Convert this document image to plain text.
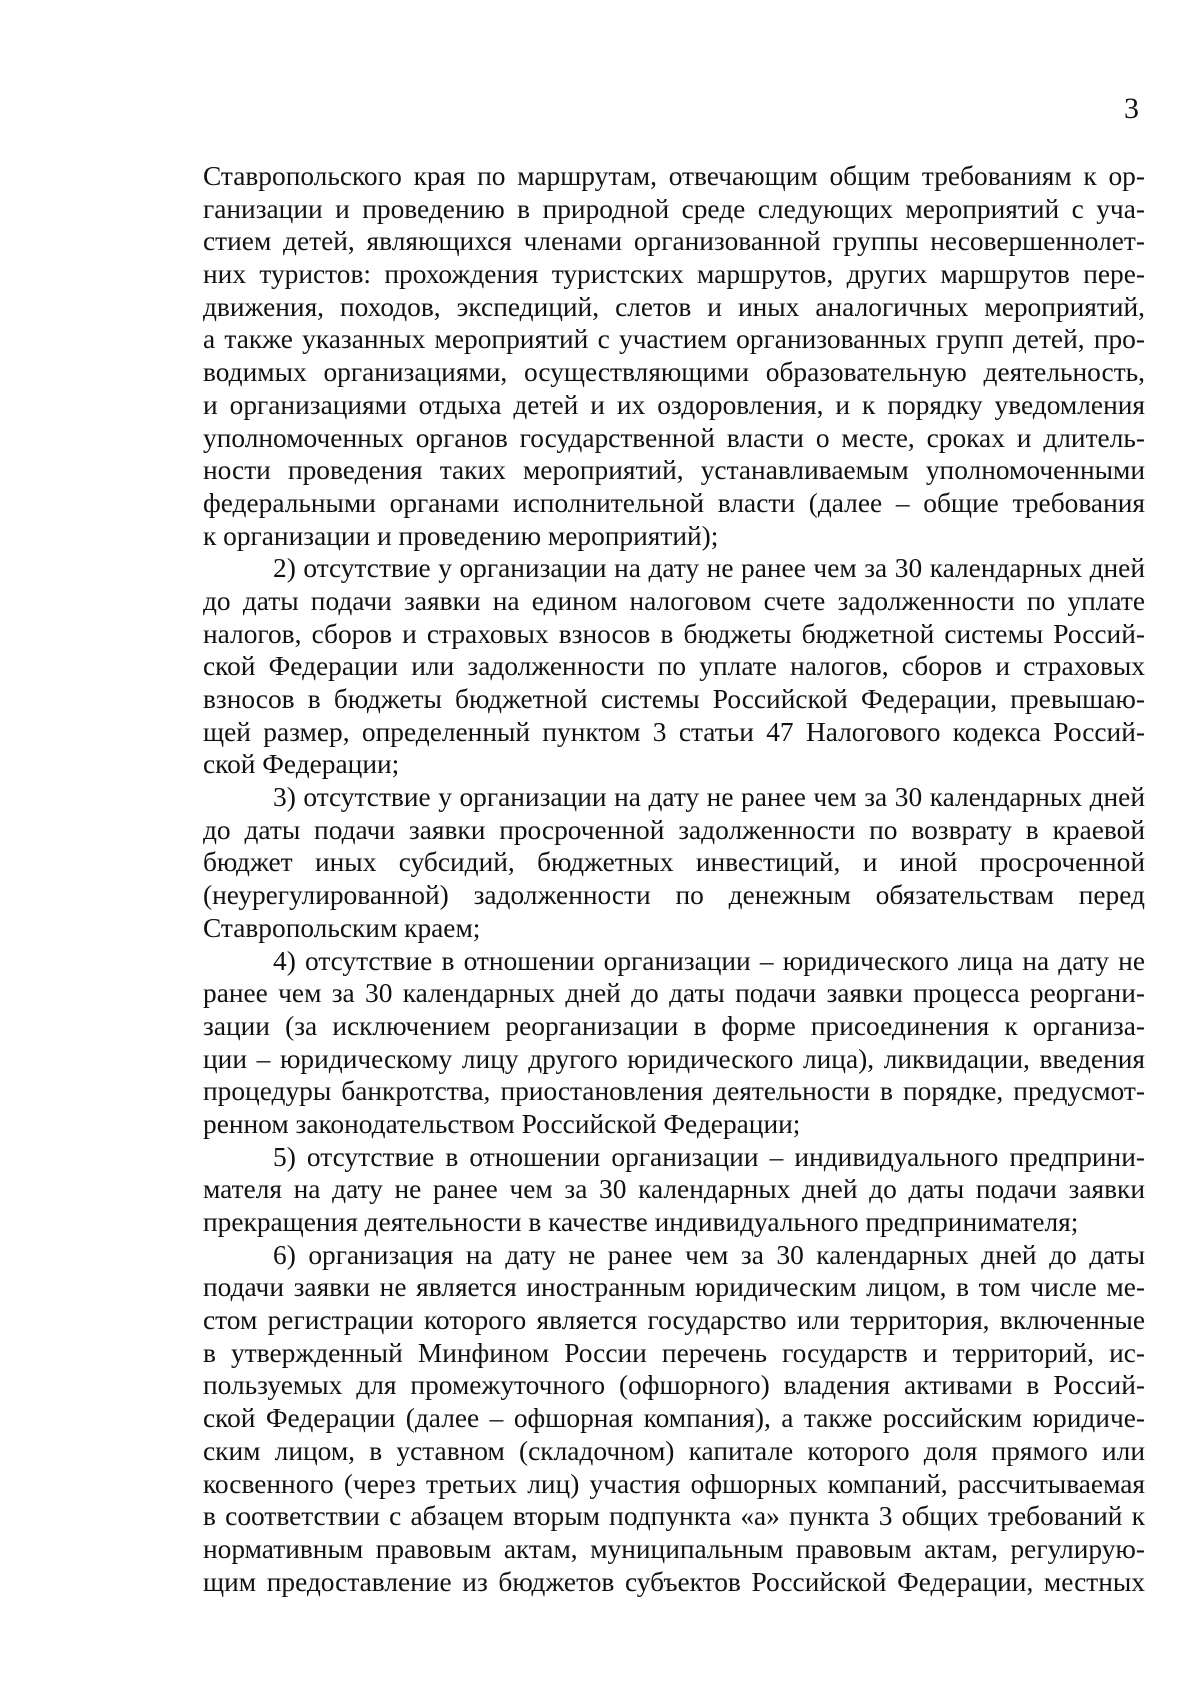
3
Ставропольского края по маршрутам, отвечающим общим требованиям к ор-
ганизации и проведению в природной среде следующих мероприятий с уча-
стием детей, являющихся членами организованной группы несовершеннолет-
них туристов: прохождения туристских маршрутов, других маршрутов пере-
движения, походов, экспедиций, слетов и иных аналогичных мероприятий,
а также указанных мероприятий с участием организованных групп детей, про-
водимых организациями, осуществляющими образовательную деятельность,
и организациями отдыха детей и их оздоровления, и к порядку уведомления
уполномоченных органов государственной власти о месте, сроках и длитель-
ности проведения таких мероприятий, устанавливаемым уполномоченными
федеральными органами исполнительной власти (далее – общие требования
к организации и проведению мероприятий);
2) отсутствие у организации на дату не ранее чем за 30 календарных дней
до даты подачи заявки на едином налоговом счете задолженности по уплате
налогов, сборов и страховых взносов в бюджеты бюджетной системы Россий-
ской Федерации или задолженности по уплате налогов, сборов и страховых
взносов в бюджеты бюджетной системы Российской Федерации, превышаю-
щей размер, определенный пунктом 3 статьи 47 Налогового кодекса Россий-
ской Федерации;
3) отсутствие у организации на дату не ранее чем за 30 календарных дней
до даты подачи заявки просроченной задолженности по возврату в краевой
бюджет иных субсидий, бюджетных инвестиций, и иной просроченной
(неурегулированной) задолженности по денежным обязательствам перед
Ставропольским краем;
4) отсутствие в отношении организации – юридического лица на дату не
ранее чем за 30 календарных дней до даты подачи заявки процесса реоргани-
зации (за исключением реорганизации в форме присоединения к организа-
ции – юридическому лицу другого юридического лица), ликвидации, введения
процедуры банкротства, приостановления деятельности в порядке, предусмот-
ренном законодательством Российской Федерации;
5) отсутствие в отношении организации – индивидуального предприни-
мателя на дату не ранее чем за 30 календарных дней до даты подачи заявки
прекращения деятельности в качестве индивидуального предпринимателя;
6) организация на дату не ранее чем за 30 календарных дней до даты
подачи заявки не является иностранным юридическим лицом, в том числе ме-
стом регистрации которого является государство или территория, включенные
в утвержденный Минфином России перечень государств и территорий, ис-
пользуемых для промежуточного (офшорного) владения активами в Россий-
ской Федерации (далее – офшорная компания), а также российским юридиче-
ским лицом, в уставном (складочном) капитале которого доля прямого или
косвенного (через третьих лиц) участия офшорных компаний, рассчитываемая
в соответствии с абзацем вторым подпункта «а» пункта 3 общих требований к
нормативным правовым актам, муниципальным правовым актам, регулирую-
щим предоставление из бюджетов субъектов Российской Федерации, местных
